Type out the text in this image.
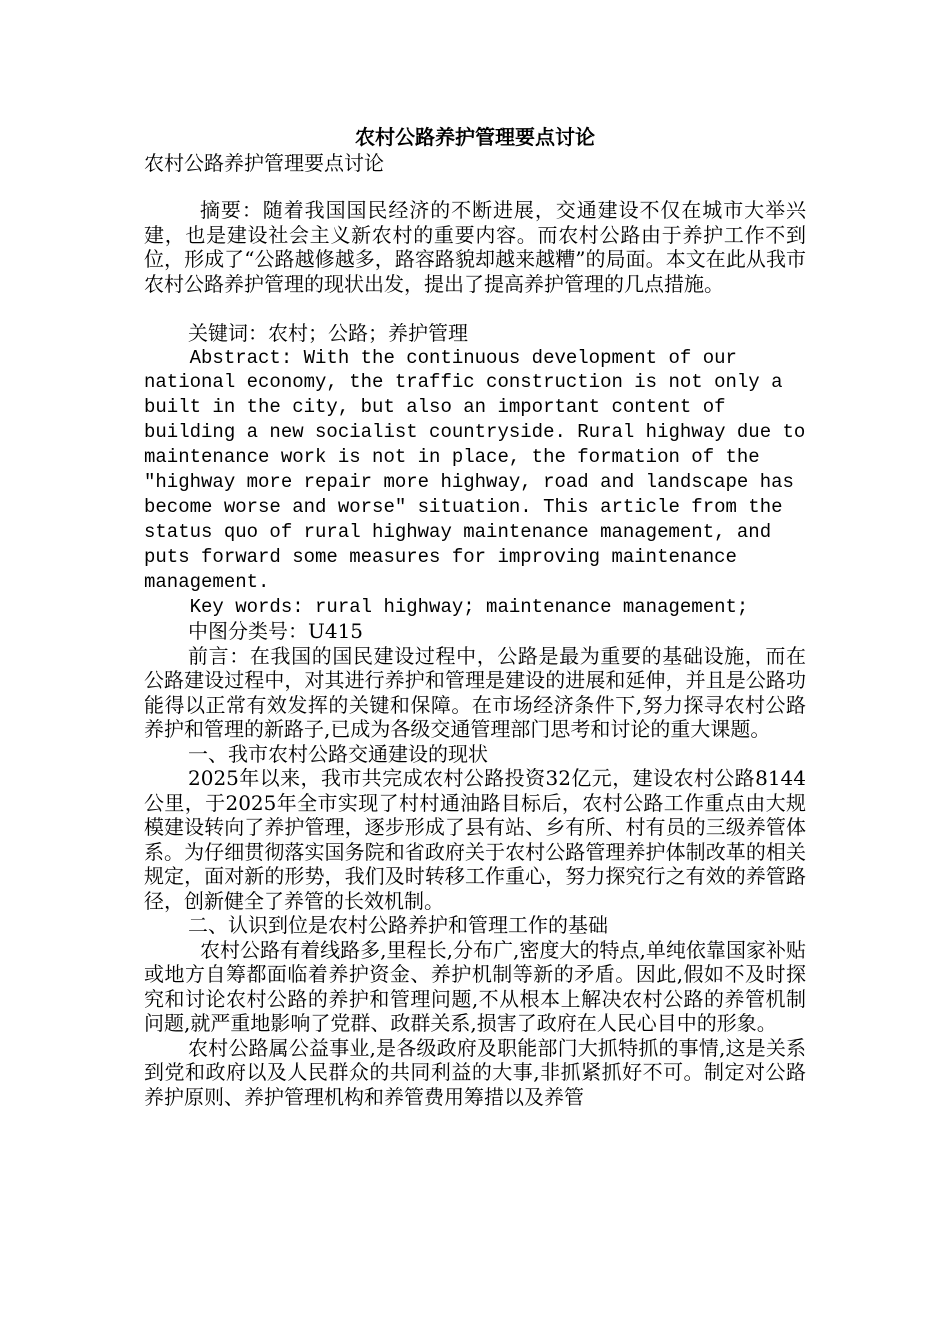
农村公路养护管理要点讨论

农村公路养护管理要点讨论

摘要：随着我国国民经济的不断进展，交通建设不仅在城市大举兴建，也是建设社会主义新农村的重要内容。而农村公路由于养护工作不到位，形成了“公路越修越多，路容路貌却越来越糟”的局面。本文在此从我市农村公路养护管理的现状出发，提出了提高养护管理的几点措施。

关键词：农村；公路；养护管理

Abstract: With the continuous development of our

national economy, the traffic construction is not only a

built in the city, but also an important content of

building a new socialist countryside. Rural highway due to

maintenance work is not in place, the formation of the

"highway more repair more highway, road and landscape has

become worse and worse" situation. This article from the

status quo of rural highway maintenance management, and

puts forward some measures for improving maintenance

management.

Key words: rural highway; maintenance management;

中图分类号：U415

前言：在我国的国民建设过程中，公路是最为重要的基础设施，而在公路建设过程中，对其进行养护和管理是建设的进展和延伸，并且是公路功能得以正常有效发挥的关键和保障。在市场经济条件下,努力探寻农村公路养护和管理的新路子,已成为各级交通管理部门思考和讨论的重大课题。

一、我市农村公路交通建设的现状

2025年以来，我市共完成农村公路投资32亿元，建设农村公路8144公里，于2025年全市实现了村村通油路目标后，农村公路工作重点由大规模建设转向了养护管理，逐步形成了县有站、乡有所、村有员的三级养管体系。为仔细贯彻落实国务院和省政府关于农村公路管理养护体制改革的相关规定，面对新的形势，我们及时转移工作重心，努力探究行之有效的养管路径，创新健全了养管的长效机制。

二、认识到位是农村公路养护和管理工作的基础

农村公路有着线路多,里程长,分布广,密度大的特点,单纯依靠国家补贴或地方自筹都面临着养护资金、养护机制等新的矛盾。因此,假如不及时探究和讨论农村公路的养护和管理问题,不从根本上解决农村公路的养管机制问题,就严重地影响了党群、政群关系,损害了政府在人民心目中的形象。

农村公路属公益事业,是各级政府及职能部门大抓特抓的事情,这是关系到党和政府以及人民群众的共同利益的大事,非抓紧抓好不可。制定对公路养护原则、养护管理机构和养管费用筹措以及养管
